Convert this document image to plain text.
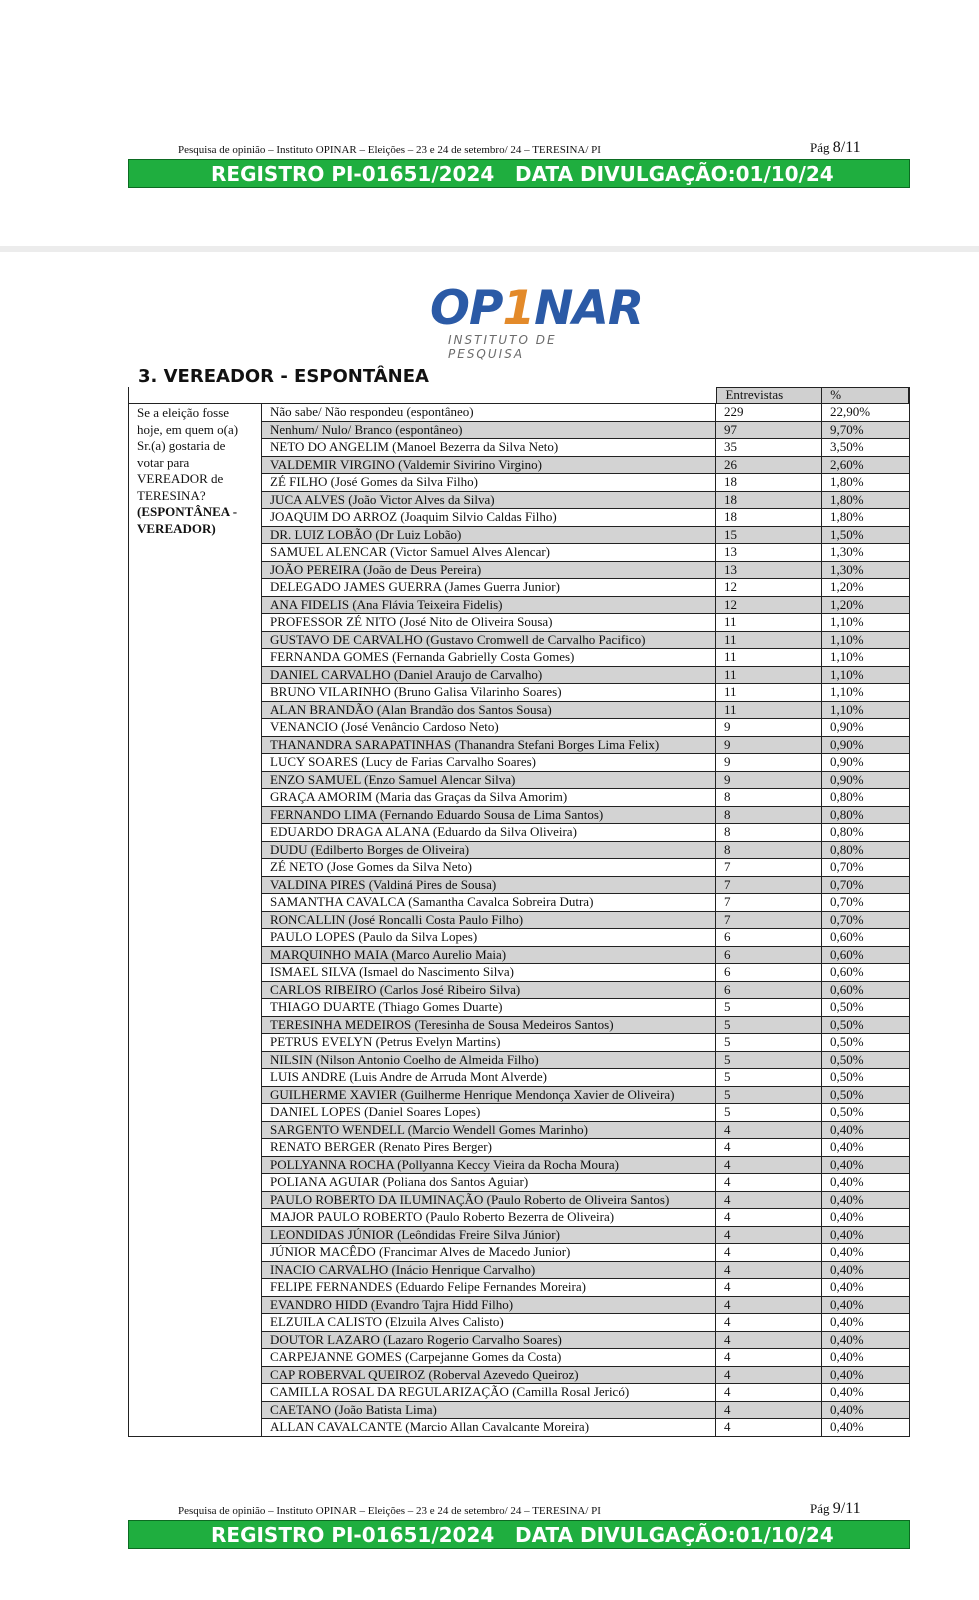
Pesquisa de opinião – Instituto OPINAR – Eleições – 23 e 24 de setembro/ 24 – TERESINA/ PI	Pág 8/11
REGISTRO PI-01651/2024 DATA DIVULGAÇÃO:01/10/24
OP1NAR
INSTITUTO DE PESQUISA
3. VEREADOR - ESPONTÂNEA
Entrevistas	%
Se a eleição fosse
hoje, em quem o(a)
Sr.(a) gostaria de
votar para
VEREADOR de
TERESINA?
(ESPONTÂNEA -
VEREADOR)
Não sabe/ Não respondeu (espontâneo)	229	22,90%
Nenhum/ Nulo/ Branco (espontâneo)	97	9,70%
NETO DO ANGELIM (Manoel Bezerra da Silva Neto)	35	3,50%
VALDEMIR VIRGINO (Valdemir Sivirino Virgino)	26	2,60%
ZÉ FILHO (José Gomes da Silva Filho)	18	1,80%
JUCA ALVES (João Victor Alves da Silva)	18	1,80%
JOAQUIM DO ARROZ (Joaquim Silvio Caldas Filho)	18	1,80%
DR. LUIZ LOBÃO (Dr Luiz Lobão)	15	1,50%
SAMUEL ALENCAR (Victor Samuel Alves Alencar)	13	1,30%
JOÃO PEREIRA (João de Deus Pereira)	13	1,30%
DELEGADO JAMES GUERRA (James Guerra Junior)	12	1,20%
ANA FIDELIS (Ana Flávia Teixeira Fidelis)	12	1,20%
PROFESSOR ZÉ NITO (José Nito de Oliveira Sousa)	11	1,10%
GUSTAVO DE CARVALHO (Gustavo Cromwell de Carvalho Pacifico)	11	1,10%
FERNANDA GOMES (Fernanda Gabrielly Costa Gomes)	11	1,10%
DANIEL CARVALHO (Daniel Araujo de Carvalho)	11	1,10%
BRUNO VILARINHO (Bruno Galisa Vilarinho Soares)	11	1,10%
ALAN BRANDÃO (Alan Brandão dos Santos Sousa)	11	1,10%
VENANCIO (José Venâncio Cardoso Neto)	9	0,90%
THANANDRA SARAPATINHAS (Thanandra Stefani Borges Lima Felix)	9	0,90%
LUCY SOARES (Lucy de Farias Carvalho Soares)	9	0,90%
ENZO SAMUEL (Enzo Samuel Alencar Silva)	9	0,90%
GRAÇA AMORIM (Maria das Graças da Silva Amorim)	8	0,80%
FERNANDO LIMA (Fernando Eduardo Sousa de Lima Santos)	8	0,80%
EDUARDO DRAGA ALANA (Eduardo da Silva Oliveira)	8	0,80%
DUDU (Edilberto Borges de Oliveira)	8	0,80%
ZÉ NETO (Jose Gomes da Silva Neto)	7	0,70%
VALDINA PIRES (Valdiná Pires de Sousa)	7	0,70%
SAMANTHA CAVALCA (Samantha Cavalca Sobreira Dutra)	7	0,70%
RONCALLIN (José Roncalli Costa Paulo Filho)	7	0,70%
PAULO LOPES (Paulo da Silva Lopes)	6	0,60%
MARQUINHO MAIA (Marco Aurelio Maia)	6	0,60%
ISMAEL SILVA (Ismael do Nascimento Silva)	6	0,60%
CARLOS RIBEIRO (Carlos José Ribeiro Silva)	6	0,60%
THIAGO DUARTE (Thiago Gomes Duarte)	5	0,50%
TERESINHA MEDEIROS (Teresinha de Sousa Medeiros Santos)	5	0,50%
PETRUS EVELYN (Petrus Evelyn Martins)	5	0,50%
NILSIN (Nilson Antonio Coelho de Almeida Filho)	5	0,50%
LUIS ANDRE (Luis Andre de Arruda Mont Alverde)	5	0,50%
GUILHERME XAVIER (Guilherme Henrique Mendonça Xavier de Oliveira)	5	0,50%
DANIEL LOPES (Daniel Soares Lopes)	5	0,50%
SARGENTO WENDELL (Marcio Wendell Gomes Marinho)	4	0,40%
RENATO BERGER (Renato Pires Berger)	4	0,40%
POLLYANNA ROCHA (Pollyanna Keccy Vieira da Rocha Moura)	4	0,40%
POLIANA AGUIAR (Poliana dos Santos Aguiar)	4	0,40%
PAULO ROBERTO DA ILUMINAÇÃO (Paulo Roberto de Oliveira Santos)	4	0,40%
MAJOR PAULO ROBERTO (Paulo Roberto Bezerra de Oliveira)	4	0,40%
LEONDIDAS JÚNIOR (Leôndidas Freire Silva Júnior)	4	0,40%
JÚNIOR MACÊDO (Francimar Alves de Macedo Junior)	4	0,40%
INACIO CARVALHO (Inácio Henrique Carvalho)	4	0,40%
FELIPE FERNANDES (Eduardo Felipe Fernandes Moreira)	4	0,40%
EVANDRO HIDD (Evandro Tajra Hidd Filho)	4	0,40%
ELZUILA CALISTO (Elzuila Alves Calisto)	4	0,40%
DOUTOR LAZARO (Lazaro Rogerio Carvalho Soares)	4	0,40%
CARPEJANNE GOMES (Carpejanne Gomes da Costa)	4	0,40%
CAP ROBERVAL QUEIROZ (Roberval Azevedo Queiroz)	4	0,40%
CAMILLA ROSAL DA REGULARIZAÇÃO (Camilla Rosal Jericó)	4	0,40%
CAETANO (João Batista Lima)	4	0,40%
ALLAN CAVALCANTE (Marcio Allan Cavalcante Moreira)	4	0,40%
Pesquisa de opinião – Instituto OPINAR – Eleições – 23 e 24 de setembro/ 24 – TERESINA/ PI	Pág 9/11
REGISTRO PI-01651/2024 DATA DIVULGAÇÃO:01/10/24
